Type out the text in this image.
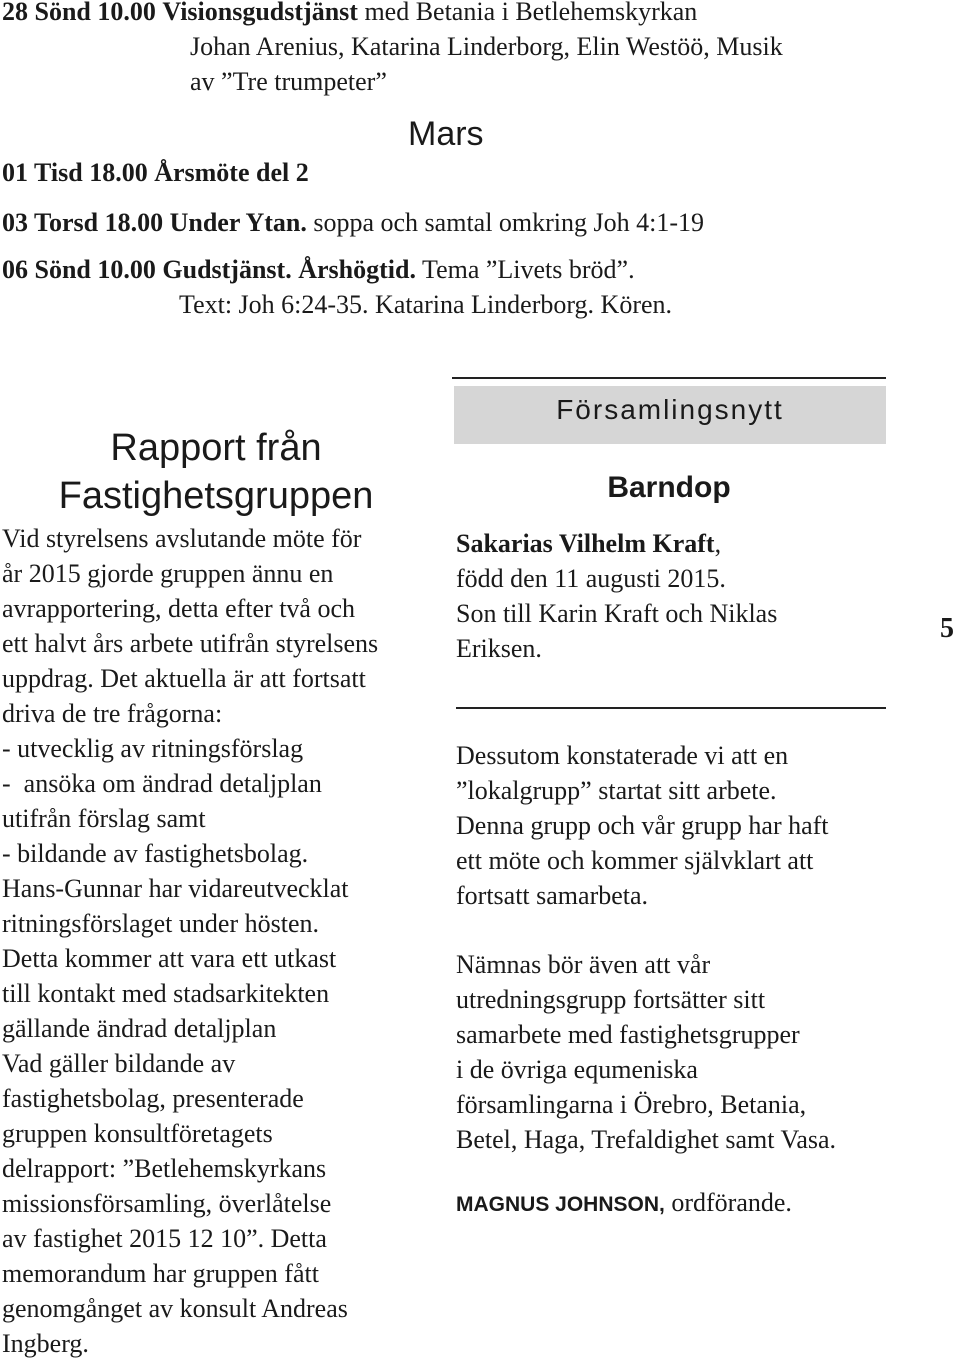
28 Sönd 10.00 Visionsgudstjänst med Betania i Betlehemskyrkan
Johan Arenius, Katarina Linderborg, Elin Westöö, Musik
av ”Tre trumpeter”
Mars
01 Tisd 18.00 Årsmöte del 2
03 Torsd 18.00 Under Ytan. soppa och samtal omkring Joh 4:1-19
06 Sönd 10.00 Gudstjänst. Årshögtid. Tema ”Livets bröd”.
Text: Joh 6:24-35. Katarina Linderborg. Kören.
Rapport från
Fastighetsgruppen
Vid styrelsens avslutande möte för
år 2015 gjorde gruppen ännu en
avrapportering, detta efter två och
ett halvt års arbete utifrån styrelsens
uppdrag. Det aktuella är att fortsatt
driva de tre frågorna:
- utvecklig av ritningsförslag
-  ansöka om ändrad detaljplan
utifrån förslag samt
- bildande av fastighetsbolag.
Hans-Gunnar har vidareutvecklat
ritningsförslaget under hösten.
Detta kommer att vara ett utkast
till kontakt med stadsarkitekten
gällande ändrad detaljplan
Vad gäller bildande av
fastighetsbolag, presenterade
gruppen konsultföretagets
delrapport: ”Betlehemskyrkans
missionsförsamling, överlåtelse
av fastighet 2015 12 10”. Detta
memorandum har gruppen fått
genomgånget av konsult Andreas
Ingberg.
Församlingsnytt
Barndop
Sakarias Vilhelm Kraft,
född den 11 augusti 2015.
Son till Karin Kraft och Niklas
Eriksen.
Dessutom konstaterade vi att en
”lokalgrupp” startat sitt arbete.
Denna grupp och vår grupp har haft
ett möte och kommer självklart att
fortsatt samarbeta.
Nämnas bör även att vår
utredningsgrupp fortsätter sitt
samarbete med fastighetsgrupper
i de övriga equmeniska
församlingarna i Örebro, Betania,
Betel, Haga, Trefaldighet samt Vasa.
MAGNUS JOHNSON, ordförande.
5
